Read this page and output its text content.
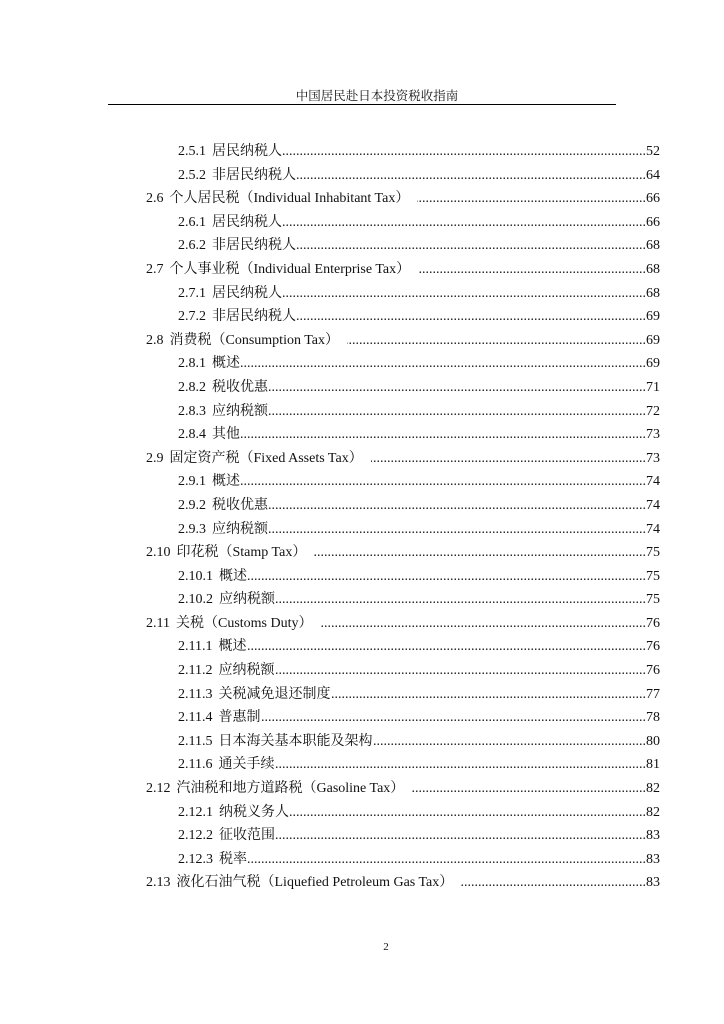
中国居民赴日本投资税收指南
2.5.1 居民纳税人 .....	52
2.5.2 非居民纳税人 .....	64
2.6 个人居民税（Individual Inhabitant Tax） .....	66
2.6.1 居民纳税人 .....	66
2.6.2 非居民纳税人 .....	68
2.7 个人事业税（Individual Enterprise Tax） .....	68
2.7.1 居民纳税人 .....	68
2.7.2 非居民纳税人 .....	69
2.8 消费税（Consumption Tax） .....	69
2.8.1 概述 .....	69
2.8.2 税收优惠 .....	71
2.8.3 应纳税额 .....	72
2.8.4 其他 .....	73
2.9 固定资产税（Fixed Assets Tax） .....	73
2.9.1 概述 .....	74
2.9.2 税收优惠 .....	74
2.9.3 应纳税额 .....	74
2.10 印花税（Stamp Tax） .....	75
2.10.1 概述 .....	75
2.10.2 应纳税额 .....	75
2.11 关税（Customs Duty） .....	76
2.11.1 概述 .....	76
2.11.2 应纳税额 .....	76
2.11.3 关税减免退还制度 .....	77
2.11.4 普惠制 .....	78
2.11.5 日本海关基本职能及架构 .....	80
2.11.6 通关手续 .....	81
2.12 汽油税和地方道路税（Gasoline Tax） .....	82
2.12.1 纳税义务人 .....	82
2.12.2 征收范围 .....	83
2.12.3 税率 .....	83
2.13 液化石油气税（Liquefied Petroleum Gas Tax） .....	83
2
